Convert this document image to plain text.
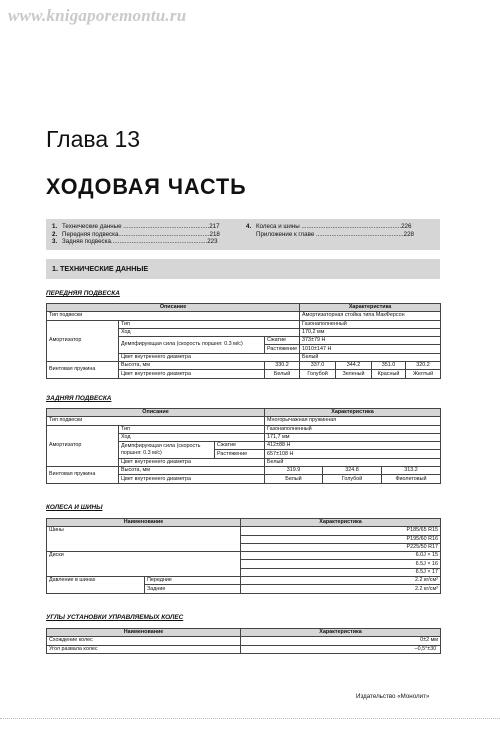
www.knigaporemontu.ru
Глава 13
ХОДОВАЯ ЧАСТЬ
1. Технические данные ..................................................217
2. Передняя подвеска.....................................................218
3. Задняя подвеска........................................................223
4. Колеса и шины ..........................................................226
Приложение к главе ...................................................228
1. ТЕХНИЧЕСКИЕ ДАННЫЕ
ПЕРЕДНЯЯ ПОДВЕСКА
Описание			Характеристика			
Тип подвески			Амортизаторная стойка типа МакФерсон			
Амортизатор	Тип		Газонаполненный			
	Ход		170,2 мм			
	Демпфирующая сила (скорость поршня: 0.3 м/с)	Сжатие	373±79 Н			
		Растяжение	1010±147 Н			
	Цвет внутреннего диаметра		Белый			
Винтовая пружина	Высота, мм	330.2	337.0	344.2	351.0	320.2
	Цвет внутреннего диаметра	Белый	Голубой	Зеленый	Красный	Желтый
ЗАДНЯЯ ПОДВЕСКА
Описание			Характеристика		
Тип подвески			Многорычажная пружинная		
Амортизатор	Тип		Газонаполненный		
	Ход		171,7 мм		
	Демпфирующая сила (скорость поршня: 0.3 м/с)	Сжатие	412±88 Н		
		Растяжение	657±108 Н		
	Цвет внутреннего диаметра		Белый		
Винтовая пружина	Высота, мм		319.9	324.8	313.2
	Цвет внутреннего диаметра		Белый	Голубой	Фиолетовый
КОЛЕСА И ШИНЫ
Наименование		Характеристика
Шины		P185/65 R15
		P195/60 R16
		P225/50 R17
Диски		6.0J × 15
		6.5J × 16
		6.5J × 17
Давление в шинах	Передние	2.2 кг/см²
	Задние	2.2 кг/см²
УГЛЫ УСТАНОВКИ УПРАВЛЯЕМЫХ КОЛЕС
Наименование	Характеристика
Схождение колес	0±2 мм
Угол развала колес	–0,5°±30´
Издательство «Монолит»
